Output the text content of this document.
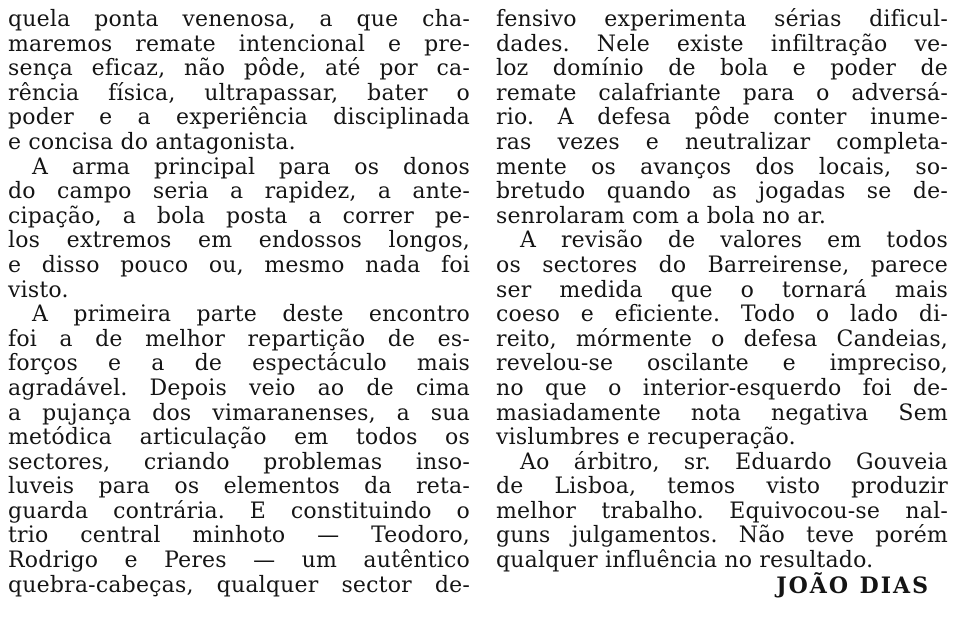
quela ponta venenosa, a que cha-
maremos remate intencional e pre-
sença eficaz, não pôde, até por ca-
rência física, ultrapassar, bater o
poder e a experiência disciplinada
e concisa do antagonista.
A arma principal para os donos
do campo seria a rapidez, a ante-
cipação, a bola posta a correr pe-
los extremos em endossos longos,
e disso pouco ou, mesmo nada foi
visto.
A primeira parte deste encontro
foi a de melhor repartição de es-
forços e a de espectáculo mais
agradável. Depois veio ao de cima
a pujança dos vimaranenses, a sua
metódica articulação em todos os
sectores, criando problemas inso-
luveis para os elementos da reta-
guarda contrária. E constituindo o
trio central minhoto — Teodoro,
Rodrigo e Peres — um autêntico
quebra-cabeças, qualquer sector de-
fensivo experimenta sérias dificul-
dades. Nele existe infiltração ve-
loz domínio de bola e poder de
remate calafriante para o adversá-
rio. A defesa pôde conter inume-
ras vezes e neutralizar completa-
mente os avanços dos locais, so-
bretudo quando as jogadas se de-
senrolaram com a bola no ar.
A revisão de valores em todos
os sectores do Barreirense, parece
ser medida que o tornará mais
coeso e eficiente. Todo o lado di-
reito, mórmente o defesa Candeias,
revelou-se oscilante e impreciso,
no que o interior-esquerdo foi de-
masiadamente nota negativa Sem
vislumbres e recuperação.
Ao árbitro, sr. Eduardo Gouveia
de Lisboa, temos visto produzir
melhor trabalho. Equivocou-se nal-
guns julgamentos. Não teve porém
qualquer influência no resultado.
JOÃO DIAS
